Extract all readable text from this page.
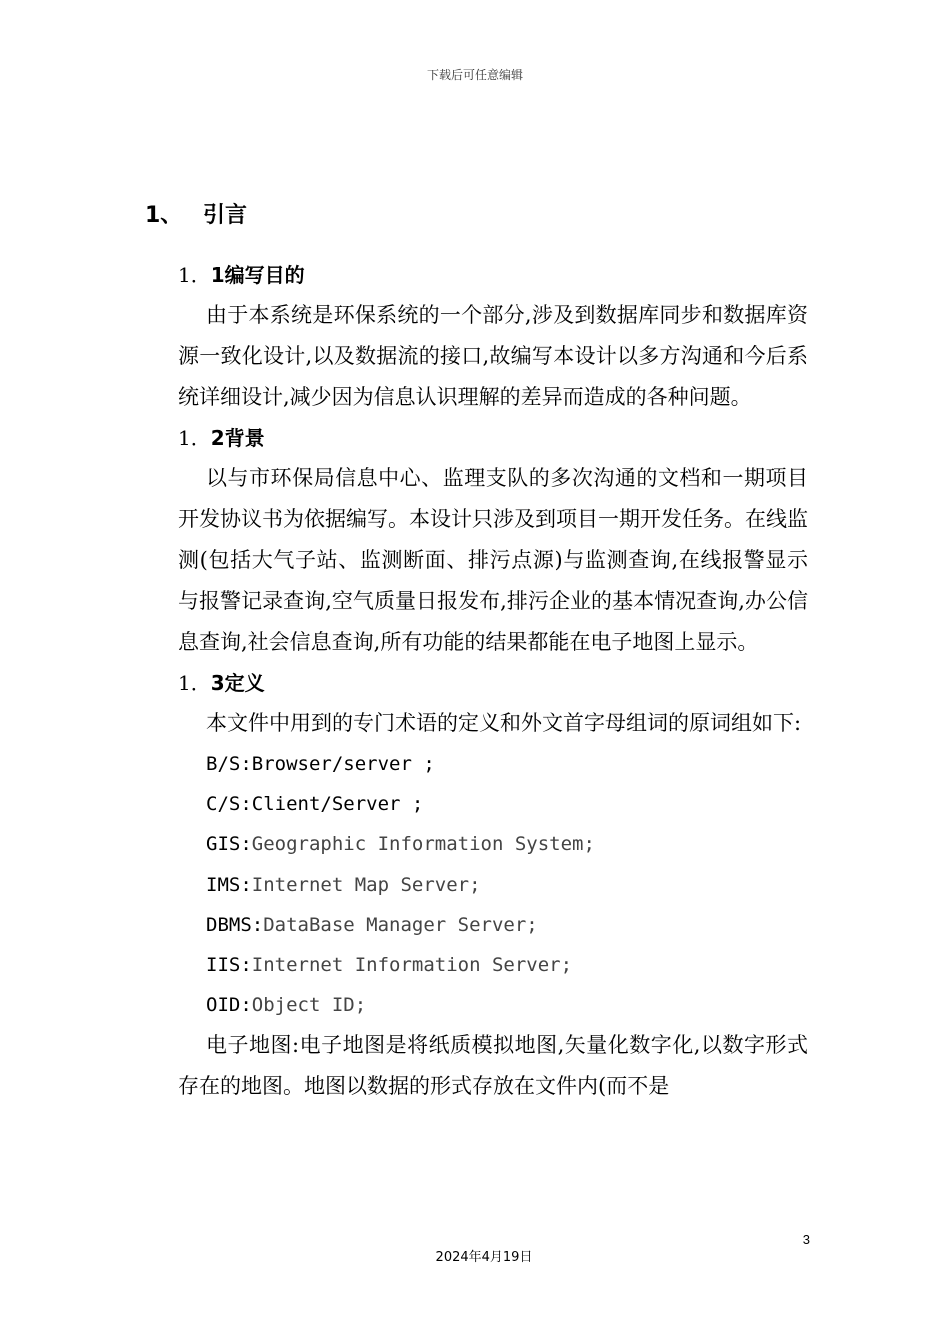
下载后可任意编辑
1、 引言
1．1编写目的

由于本系统是环保系统的一个部分,涉及到数据库同步和数据库资源一致化设计,以及数据流的接口,故编写本设计以多方沟通和今后系统详细设计,减少因为信息认识理解的差异而造成的各种问题。

1．2背景

以与市环保局信息中心、监理支队的多次沟通的文档和一期项目开发协议书为依据编写。本设计只涉及到项目一期开发任务。在线监测(包括大气子站、监测断面、排污点源)与监测查询,在线报警显示与报警记录查询,空气质量日报发布,排污企业的基本情况查询,办公信息查询,社会信息查询,所有功能的结果都能在电子地图上显示。

1．3定义

本文件中用到的专门术语的定义和外文首字母组词的原词组如下:

B/S:Browser/server ;
C/S:Client/Server ;
GIS:Geographic Information System;
IMS:Internet Map Server;
DBMS:DataBase Manager Server;
IIS:Internet Information Server;
OID:Object ID;

电子地图:电子地图是将纸质模拟地图,矢量化数字化,以数字形式存在的地图。地图以数据的形式存放在文件内(而不是

3
2024年4月19日
